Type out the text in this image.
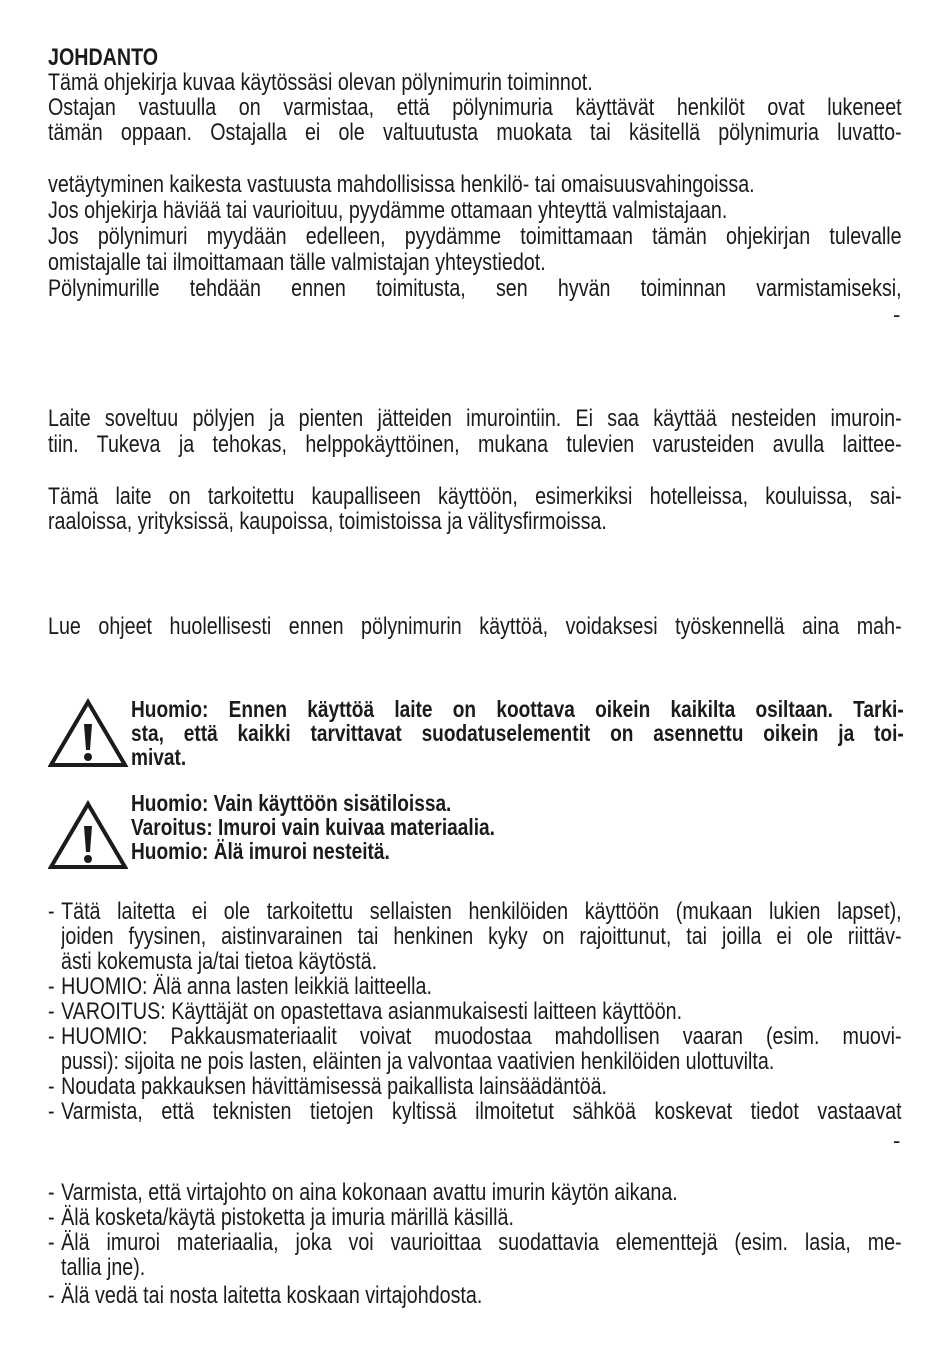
JOHDANTO
Tämä ohjekirja kuvaa käytössäsi olevan pölynimurin toiminnot.
Ostajan vastuulla on varmistaa, että pölynimuria käyttävät henkilöt ovat lukeneet
tämän oppaan. Ostajalla ei ole valtuutusta muokata tai käsitellä pölynimuria luvatto-
vetäytyminen kaikesta vastuusta mahdollisissa henkilö- tai omaisuusvahingoissa.
Jos ohjekirja häviää tai vaurioituu, pyydämme ottamaan yhteyttä valmistajaan.
Jos pölynimuri myydään edelleen, pyydämme toimittamaan tämän ohjekirjan tulevalle
omistajalle tai ilmoittamaan tälle valmistajan yhteystiedot.
Pölynimurille tehdään ennen toimitusta, sen hyvän toiminnan varmistamiseksi,
-
Laite soveltuu pölyjen ja pienten jätteiden imurointiin. Ei saa käyttää nesteiden imuroin-
tiin. Tukeva ja tehokas, helppokäyttöinen, mukana tulevien varusteiden avulla laittee-
Tämä laite on tarkoitettu kaupalliseen käyttöön, esimerkiksi hotelleissa, kouluissa, sai-
raaloissa, yrityksissä, kaupoissa, toimistoissa ja välitysfirmoissa.
Lue ohjeet huolellisesti ennen pölynimurin käyttöä, voidaksesi työskennellä aina mah-
Huomio: Ennen käyttöä laite on koottava oikein kaikilta osiltaan. Tarki-
sta, että kaikki tarvittavat suodatuselementit on asennettu oikein ja toi-
mivat.
Huomio: Vain käyttöön sisätiloissa.
Varoitus: Imuroi vain kuivaa materiaalia.
Huomio: Älä imuroi nesteitä.
- Tätä laitetta ei ole tarkoitettu sellaisten henkilöiden käyttöön (mukaan lukien lapset),
joiden fyysinen, aistinvarainen tai henkinen kyky on rajoittunut, tai joilla ei ole riittäv-
ästi kokemusta ja/tai tietoa käytöstä.
- HUOMIO: Älä anna lasten leikkiä laitteella.
- VAROITUS: Käyttäjät on opastettava asianmukaisesti laitteen käyttöön.
- HUOMIO: Pakkausmateriaalit voivat muodostaa mahdollisen vaaran (esim. muovi-
pussi): sijoita ne pois lasten, eläinten ja valvontaa vaativien henkilöiden ulottuvilta.
- Noudata pakkauksen hävittämisessä paikallista lainsäädäntöä.
- Varmista, että teknisten tietojen kyltissä ilmoitetut sähköä koskevat tiedot vastaavat
-
- Varmista, että virtajohto on aina kokonaan avattu imurin käytön aikana.
- Älä kosketa/käytä pistoketta ja imuria märillä käsillä.
- Älä imuroi materiaalia, joka voi vaurioittaa suodattavia elementtejä (esim. lasia, me-
tallia jne).
- Älä vedä tai nosta laitetta koskaan virtajohdosta.
